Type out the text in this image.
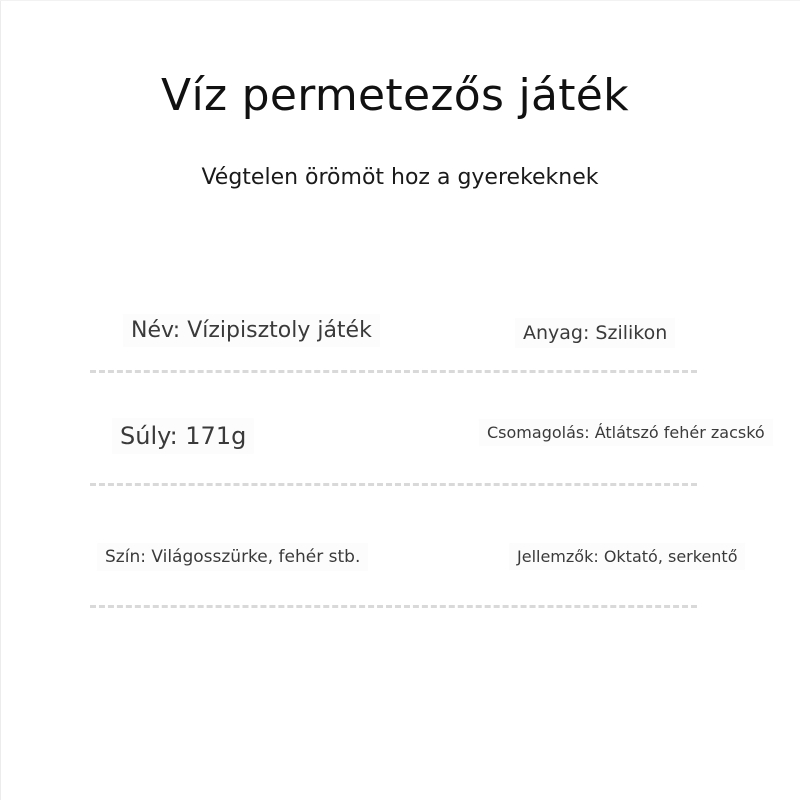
Víz permetezős játék
Végtelen örömöt hoz a gyerekeknek
Név: Vízipisztoly játék	Anyag: Szilikon
Súly: 171g	Csomagolás: Átlátszó fehér zacskó
Szín: Világosszürke, fehér stb.	Jellemzők: Oktató, serkentő
